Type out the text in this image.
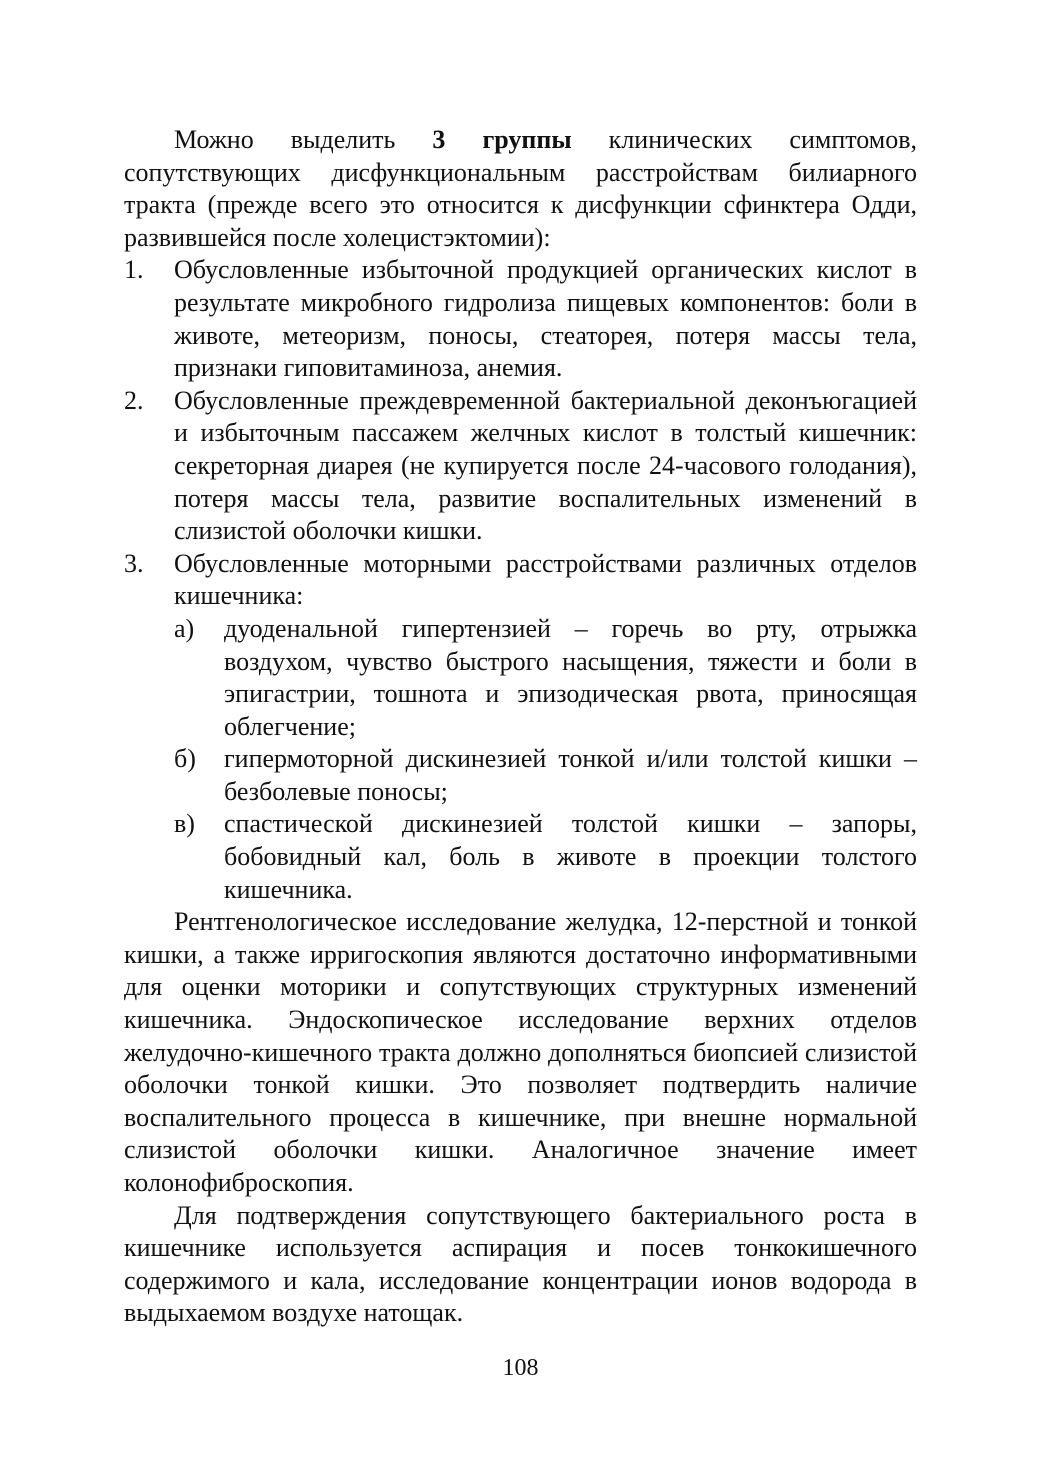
Можно выделить 3 группы клинических симптомов, сопутствующих дисфункциональным расстройствам билиарного тракта (прежде всего это относится к дисфункции сфинктера Одди, развившейся после холецистэктомии):

1. Обусловленные избыточной продукцией органических кислот в результате микробного гидролиза пищевых компонентов: боли в животе, метеоризм, поносы, стеаторея, потеря массы тела, признаки гиповитаминоза, анемия.
2. Обусловленные преждевременной бактериальной деконъюгацией и избыточным пассажем желчных кислот в толстый кишечник: секреторная диарея (не купируется после 24-часового голодания), потеря массы тела, развитие воспалительных изменений в слизистой оболочки кишки.
3. Обусловленные моторными расстройствами различных отделов кишечника:
а) дуоденальной гипертензией – горечь во рту, отрыжка воздухом, чувство быстрого насыщения, тяжести и боли в эпигастрии, тошнота и эпизодическая рвота, приносящая облегчение;
б) гипермоторной дискинезией тонкой и/или толстой кишки – безболевые поносы;
в) спастической дискинезией толстой кишки – запоры, бобовидный кал, боль в животе в проекции толстого кишечника.

Рентгенологическое исследование желудка, 12-перстной и тонкой кишки, а также ирригоскопия являются достаточно информативными для оценки моторики и сопутствующих структурных изменений кишечника. Эндоскопическое исследование верхних отделов желудочно-кишечного тракта должно дополняться биопсией слизистой оболочки тонкой кишки. Это позволяет подтвердить наличие воспалительного процесса в кишечнике, при внешне нормальной слизистой оболочки кишки. Аналогичное значение имеет колонофиброскопия.

Для подтверждения сопутствующего бактериального роста в кишечнике используется аспирация и посев тонкокишечного содержимого и кала, исследование концентрации ионов водорода в выдыхаемом воздухе натощак.

108
